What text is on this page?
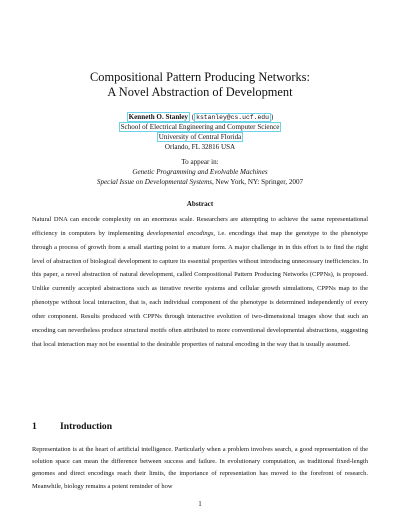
Compositional Pattern Producing Networks:
A Novel Abstraction of Development
Kenneth O. Stanley ( kstanley@cs.ucf.edu )
School of Electrical Engineering and Computer Science
University of Central Florida
Orlando, FL 32816 USA
To appear in:
Genetic Programming and Evolvable Machines
Special Issue on Developmental Systems, New York, NY: Springer, 2007
Abstract

Natural DNA can encode complexity on an enormous scale. Researchers are attempting to achieve the same representational efficiency in computers by implementing developmental encodings, i.e. encodings that map the genotype to the phenotype through a process of growth from a small starting point to a mature form. A major challenge in in this effort is to find the right level of abstraction of biological development to capture its essential properties without introducing unnecessary inefficiencies. In this paper, a novel abstraction of natural development, called Compositional Pattern Producing Networks (CPPNs), is proposed. Unlike currently accepted abstractions such as iterative rewrite systems and cellular growth simulations, CPPNs map to the phenotype without local interaction, that is, each individual component of the phenotype is determined independently of every other component. Results produced with CPPNs through interactive evolution of two-dimensional images show that such an encoding can nevertheless produce structural motifs often attributed to more conventional developmental abstractions, suggesting that local interaction may not be essential to the desirable properties of natural encoding in the way that is usually assumed.

1 Introduction

Representation is at the heart of artificial intelligence. Particularly when a problem involves search, a good representation of the solution space can mean the difference between success and failure. In evolutionary computation, as traditional fixed-length genomes and direct encodings reach their limits, the importance of representation has moved to the forefront of research. Meanwhile, biology remains a potent reminder of how

1
